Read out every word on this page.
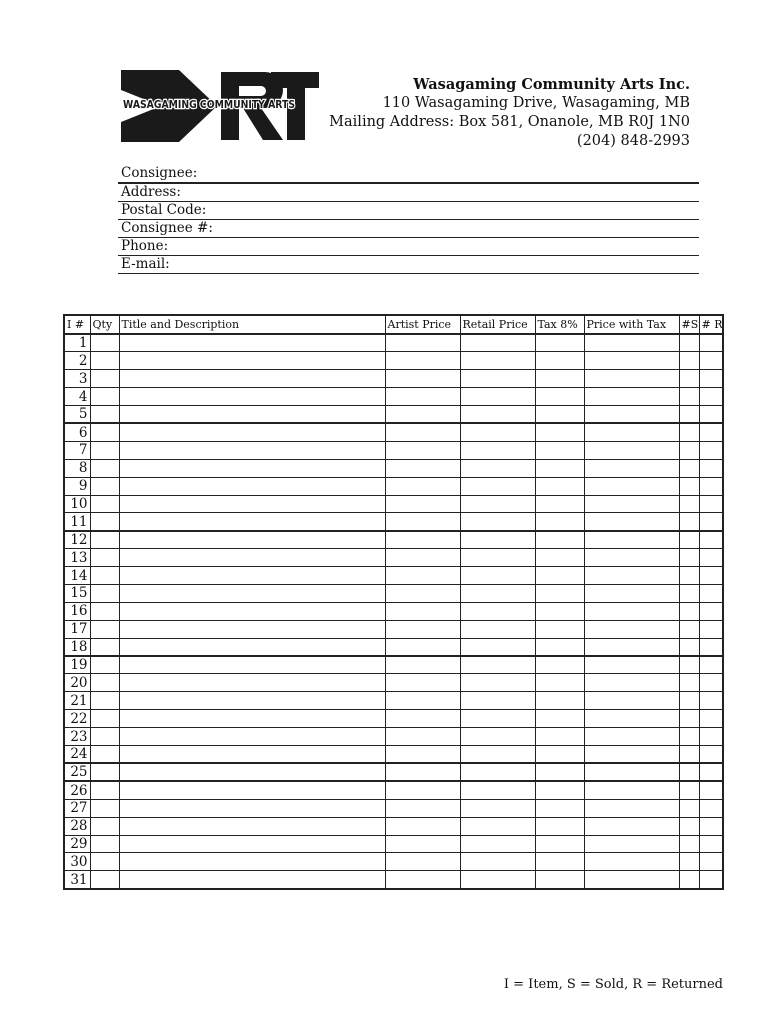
WASAGAMING COMMUNITY ARTS
Wasagaming Community Arts Inc.
110 Wasagaming Drive, Wasagaming, MB
Mailing Address: Box 581, Onanole, MB R0J 1N0
(204) 848-2993
Consignee:
Address:
Postal Code:
Consignee #:
Phone:
E-mail:
I #	Qty	Title and Description	Artist Price	Retail Price	Tax 8%	Price with Tax	#S	# R
1								
2								
3								
4								
5								
6								
7								
8								
9								
10								
11								
12								
13								
14								
15								
16								
17								
18								
19								
20								
21								
22								
23								
24								
25								
26								
27								
28								
29								
30								
31								
I = Item, S = Sold, R = Returned
